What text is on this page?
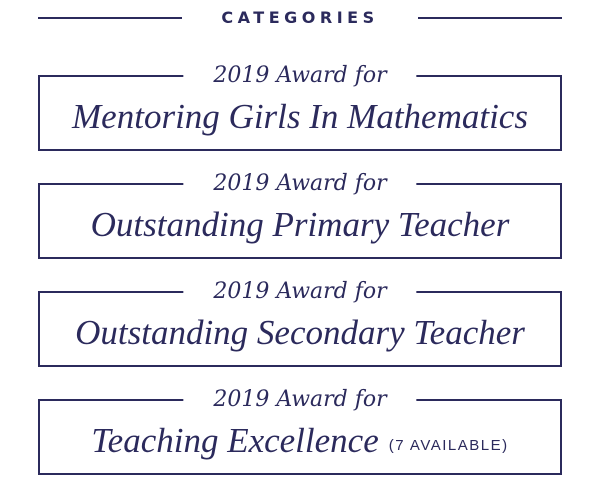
CATEGORIES
2019 Award for
Mentoring Girls In Mathematics
2019 Award for
Outstanding Primary Teacher
2019 Award for
Outstanding Secondary Teacher
2019 Award for
Teaching Excellence (7 AVAILABLE)
